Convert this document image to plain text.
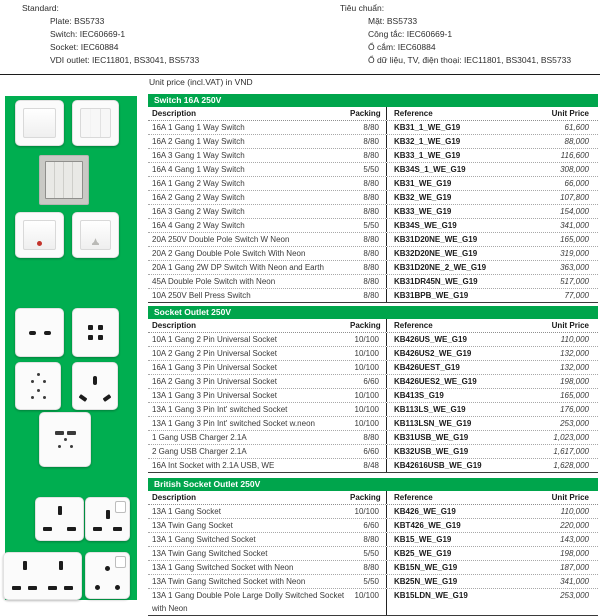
Standard:
Plate: BS5733
Switch: IEC60669-1
Socket: IEC60884
VDI outlet: IEC11801, BS3041, BS5733
Tiêu chuẩn:
Mặt: BS5733
Công tắc: IEC60669-1
Ổ cắm: IEC60884
Ổ dữ liệu, TV, điện thoại: IEC11801, BS3041, BS5733
Unit price (incl.VAT) in VND
Switch 16A 250V
Description	Packing	Reference	Unit Price
16A 1 Gang 1 Way Switch	8/80	KB31_1_WE_G19	61,600
16A 2 Gang 1 Way Switch	8/80	KB32_1_WE_G19	88,000
16A 3 Gang 1 Way Switch	8/80	KB33_1_WE_G19	116,600
16A 4 Gang 1 Way Switch	5/50	KB34S_1_WE_G19	308,000
16A 1 Gang 2 Way Switch	8/80	KB31_WE_G19	66,000
16A 2 Gang 2 Way Switch	8/80	KB32_WE_G19	107,800
16A 3 Gang 2 Way Switch	8/80	KB33_WE_G19	154,000
16A 4 Gang 2 Way Switch	5/50	KB34S_WE_G19	341,000
20A 250V Double Pole Switch W Neon	8/80	KB31D20NE_WE_G19	165,000
20A 2 Gang Double Pole Switch With Neon	8/80	KB32D20NE_WE_G19	319,000
20A 1 Gang 2W DP Switch With Neon and Earth	8/80	KB31D20NE_2_WE_G19	363,000
45A Double Pole Switch with Neon	8/80	KB31DR45N_WE_G19	517,000
10A 250V Bell Press Switch	8/80	KB31BPB_WE_G19	77,000
Socket Outlet 250V
Description	Packing	Reference	Unit Price
10A 1 Gang 2 Pin Universal Socket	10/100	KB426US_WE_G19	110,000
10A 2 Gang 2 Pin Universal Socket	10/100	KB426US2_WE_G19	132,000
16A 1 Gang 3 Pin Universal Socket	10/100	KB426UEST_G19	132,000
16A 2 Gang 3 Pin Universal Socket	6/60	KB426UES2_WE_G19	198,000
13A 1 Gang 3 Pin Universal Socket	10/100	KB413S_G19	165,000
13A 1 Gang 3 Pin Int' switched Socket	10/100	KB113LS_WE_G19	176,000
13A 1 Gang 3 Pin Int' switched Socket w.neon	10/100	KB113LSN_WE_G19	253,000
1 Gang USB Charger 2.1A	8/80	KB31USB_WE_G19	1,023,000
2 Gang USB Charger 2.1A	6/60	KB32USB_WE_G19	1,617,000
16A Int Socket with 2.1A USB, WE	8/48	KB42616USB_WE_G19	1,628,000
British Socket Outlet 250V
Description	Packing	Reference	Unit Price
13A 1 Gang Socket	10/100	KB426_WE_G19	110,000
13A Twin Gang Socket	6/60	KBT426_WE_G19	220,000
13A 1 Gang Switched Socket	8/80	KB15_WE_G19	143,000
13A Twin Gang Switched Socket	5/50	KB25_WE_G19	198,000
13A 1 Gang Switched Socket with Neon	8/80	KB15N_WE_G19	187,000
13A Twin Gang Switched Socket with Neon	5/50	KB25N_WE_G19	341,000
13A 1 Gang Double Pole Large Dolly Switched Socket with Neon
10/100	KB15LDN_WE_G19	253,000
